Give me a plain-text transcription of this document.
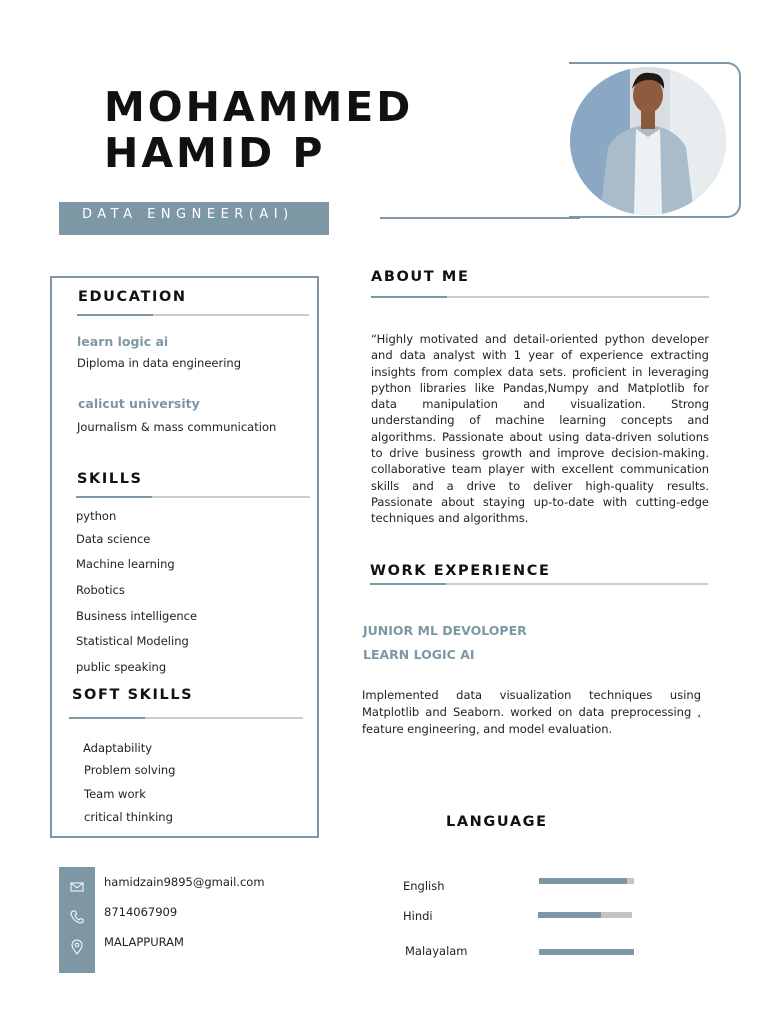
MOHAMMED
HAMID P
DATA ENGNEER(AI)
EDUCATION
learn logic ai
Diploma in data engineering
calicut university
Journalism & mass communication
SKILLS
python
Data science
Machine learning
Robotics
Business intelligence
Statistical Modeling
public speaking
SOFT SKILLS
Adaptability
Problem solving
Team work
critical thinking
ABOUT ME
“Highly motivated and detail-oriented python developer and data analyst with 1 year of experience extracting insights from complex data sets. proficient in leveraging python libraries like Pandas,Numpy and Matplotlib for data manipulation and visualization. Strong understanding of machine learning concepts and algorithms. Passionate about using data-driven solutions to drive business growth and improve decision-making. collaborative team player with excellent communication skills and a drive to deliver high-quality results. Passionate about staying up-to-date with cutting-edge techniques and algorithms.
WORK EXPERIENCE
JUNIOR ML DEVOLOPER
LEARN LOGIC AI
Implemented data visualization techniques using Matplotlib and Seaborn. worked on data preprocessing , feature engineering, and model evaluation.
hamidzain9895@gmail.com
8714067909
MALAPPURAM
LANGUAGE
English
Hindi
Malayalam
